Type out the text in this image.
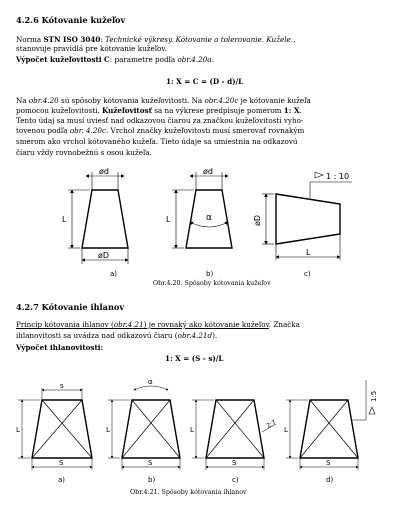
4.2.6 Kótovanie kužeľov
Norma STN ISO 3040: Technické výkresy. Kótovanie a tolerovanie. Kužele.,
stanovuje pravidlá pre kótovanie kužeľov.
Výpočet kužeľovitosti C: parametre podľa obr.4.20a.
1: X = C = (D - d)/L
Na obr.4.20 sú spôsoby kótovania kužeľovitosti. Na obr.4.20c je kótovanie kužeľa
pomocou kužeľovitosti. Kužeľovitosť sa na výkrese predpisuje pomerom 1: X.
Tento údaj sa musí uviesť nad odkazovou čiarou za značkou kužeľovitosti vyho-
tovenou podľa obr. 4.20c. Vrchol značky kužeľovitosti musí smerovať rovnakým
smerom ako vrchol kótovaného kužeľa. Tieto údaje sa umiestnia na odkazovú
čiaru vždy rovnobežnú s osou kužeľa.
ød
øD
L
a)
ød
α
L
b)
øD
L
1 : 10
c)
Obr.4.20. Spôsoby kótovania kužeľov
4.2.7 Kótovanie ihlanov
Princíp kótovania ihlanov (obr.4.21) je rovnaký ako kótovanie kužeľov. Značka
ihlanovitosti sa uvádza nad odkazovú čiaru (obr.4.21d).
Výpočet ihlanovitosti:
1: X = (S - s)/L
s
S
L
a)
α
S
L
b)
2:7
S
L
c)
1:5
S
L
d)
Obr.4.21. Spôsoby kótovania ihlanov
